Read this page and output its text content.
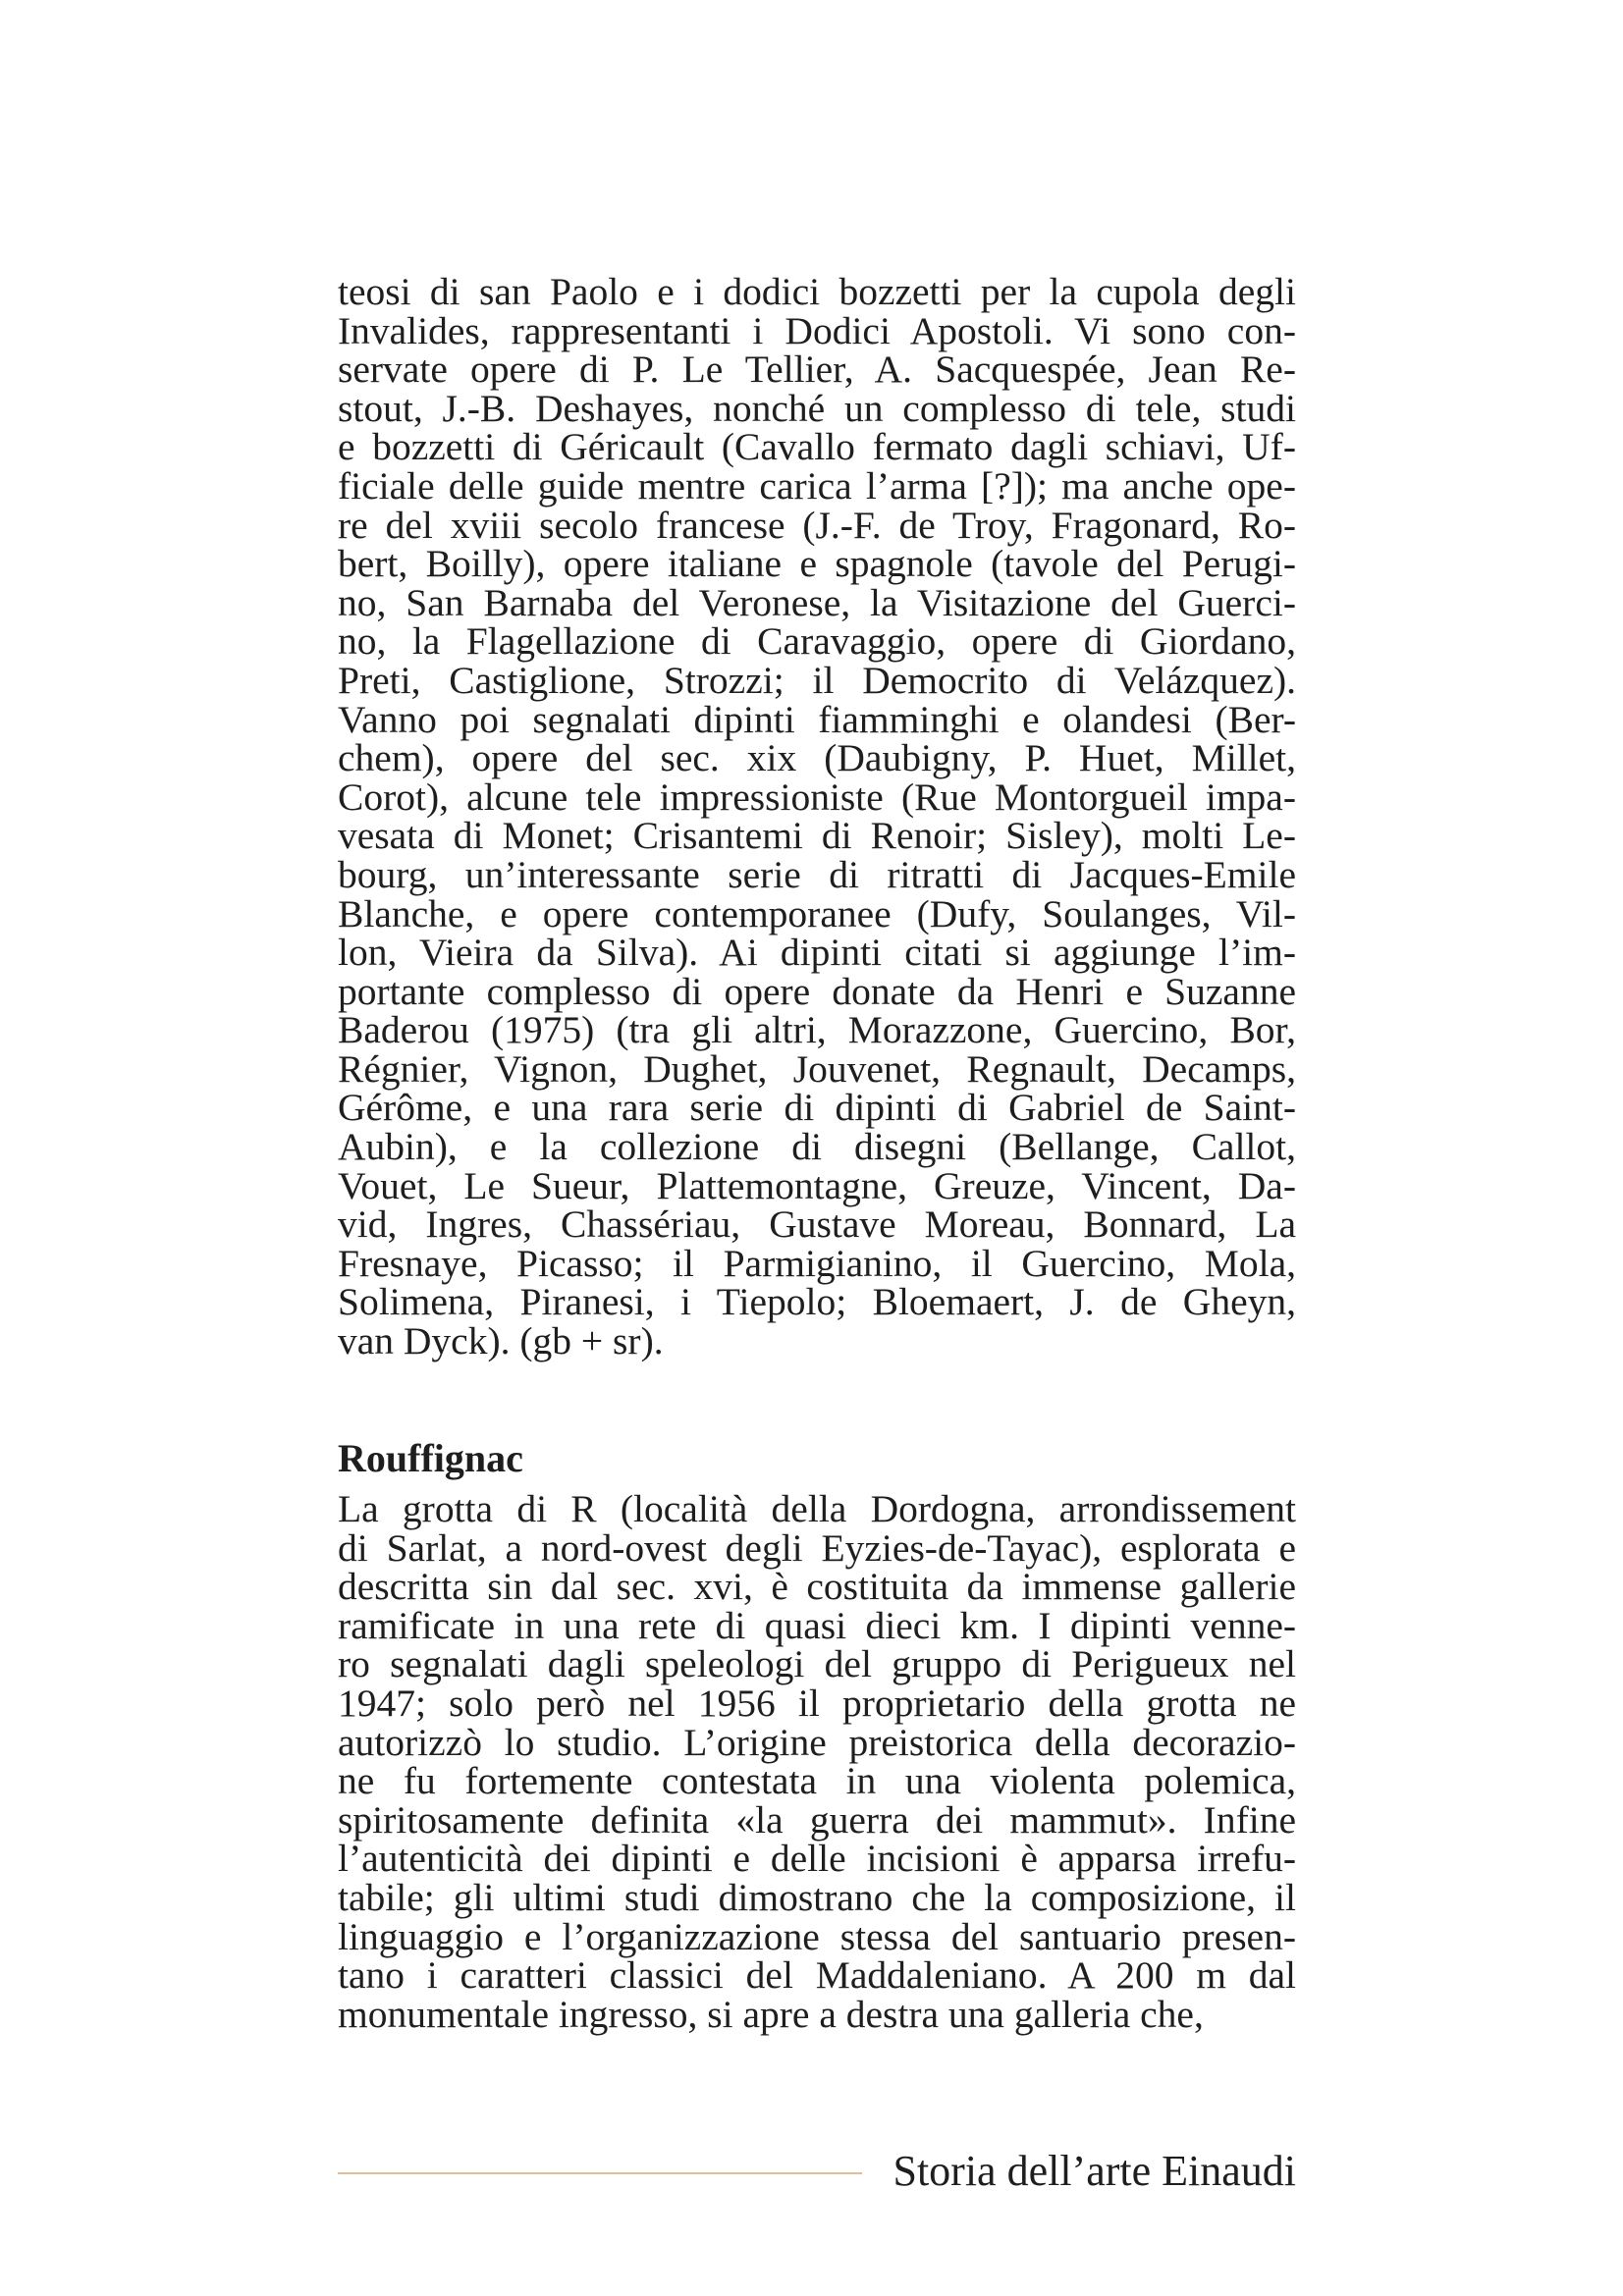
teosi di san Paolo e i dodici bozzetti per la cupola degli
Invalides, rappresentanti i Dodici Apostoli. Vi sono con-
servate opere di P. Le Tellier, A. Sacquespée, Jean Re-
stout, J.-B. Deshayes, nonché un complesso di tele, studi
e bozzetti di Géricault (Cavallo fermato dagli schiavi, Uf-
ficiale delle guide mentre carica l’arma [?]); ma anche ope-
re del xviii secolo francese (J.-F. de Troy, Fragonard, Ro-
bert, Boilly), opere italiane e spagnole (tavole del Perugi-
no, San Barnaba del Veronese, la Visitazione del Guerci-
no, la Flagellazione di Caravaggio, opere di Giordano,
Preti, Castiglione, Strozzi; il Democrito di Velázquez).
Vanno poi segnalati dipinti fiamminghi e olandesi (Ber-
chem), opere del sec. xix (Daubigny, P. Huet, Millet,
Corot), alcune tele impressioniste (Rue Montorgueil impa-
vesata di Monet; Crisantemi di Renoir; Sisley), molti Le-
bourg, un’interessante serie di ritratti di Jacques-Emile
Blanche, e opere contemporanee (Dufy, Soulanges, Vil-
lon, Vieira da Silva). Ai dipinti citati si aggiunge l’im-
portante complesso di opere donate da Henri e Suzanne
Baderou (1975) (tra gli altri, Morazzone, Guercino, Bor,
Régnier, Vignon, Dughet, Jouvenet, Regnault, Decamps,
Gérôme, e una rara serie di dipinti di Gabriel de Saint-
Aubin), e la collezione di disegni (Bellange, Callot,
Vouet, Le Sueur, Plattemontagne, Greuze, Vincent, Da-
vid, Ingres, Chassériau, Gustave Moreau, Bonnard, La
Fresnaye, Picasso; il Parmigianino, il Guercino, Mola,
Solimena, Piranesi, i Tiepolo; Bloemaert, J. de Gheyn,
van Dyck). (gb + sr).
Rouffignac
La grotta di R (località della Dordogna, arrondissement
di Sarlat, a nord-ovest degli Eyzies-de-Tayac), esplorata e
descritta sin dal sec. xvi, è costituita da immense gallerie
ramificate in una rete di quasi dieci km. I dipinti venne-
ro segnalati dagli speleologi del gruppo di Perigueux nel
1947; solo però nel 1956 il proprietario della grotta ne
autorizzò lo studio. L’origine preistorica della decorazio-
ne fu fortemente contestata in una violenta polemica,
spiritosamente definita «la guerra dei mammut». Infine
l’autenticità dei dipinti e delle incisioni è apparsa irrefu-
tabile; gli ultimi studi dimostrano che la composizione, il
linguaggio e l’organizzazione stessa del santuario presen-
tano i caratteri classici del Maddaleniano. A 200 m dal
monumentale ingresso, si apre a destra una galleria che,
Storia dell’arte Einaudi
